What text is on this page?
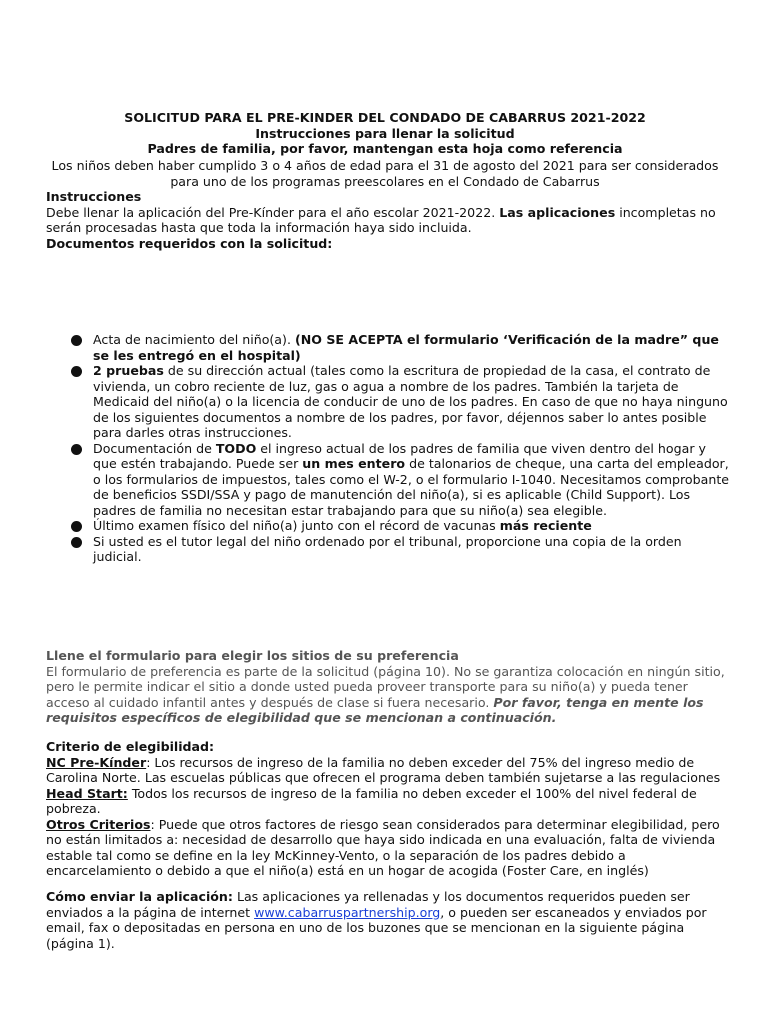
SOLICITUD PARA EL PRE-KINDER DEL CONDADO DE CABARRUS 2021-2022
Instrucciones para llenar la solicitud
Padres de familia, por favor, mantengan esta hoja como referencia
Los niños deben haber cumplido 3 o 4 años de edad para el 31 de agosto del 2021 para ser considerados para uno de los programas preescolares en el Condado de Cabarrus
Instrucciones
Debe llenar la aplicación del Pre-Kínder para el año escolar 2021-2022. Las aplicaciones incompletas no serán procesadas hasta que toda la información haya sido incluida.
Documentos requeridos con la solicitud:
Acta de nacimiento del niño(a). (NO SE ACEPTA el formulario ‘Verificación de la madre” que se les entregó en el hospital)
2 pruebas de su dirección actual (tales como la escritura de propiedad de la casa, el contrato de vivienda, un cobro reciente de luz, gas o agua a nombre de los padres. También la tarjeta de Medicaid del niño(a) o la licencia de conducir de uno de los padres. En caso de que no haya ninguno de los siguientes documentos a nombre de los padres, por favor, déjennos saber lo antes posible para darles otras instrucciones.
Documentación de TODO el ingreso actual de los padres de familia que viven dentro del hogar y que estén trabajando. Puede ser un mes entero de talonarios de cheque, una carta del empleador, o los formularios de impuestos, tales como el W-2, o el formulario I-1040. Necesitamos comprobante de beneficios SSDI/SSA y pago de manutención del niño(a), si es aplicable (Child Support). Los padres de familia no necesitan estar trabajando para que su niño(a) sea elegible.
Último examen físico del niño(a) junto con el récord de vacunas más reciente
Si usted es el tutor legal del niño ordenado por el tribunal, proporcione una copia de la orden judicial.
Llene el formulario para elegir los sitios de su preferencia
El formulario de preferencia es parte de la solicitud (página 10). No se garantiza colocación en ningún sitio, pero le permite indicar el sitio a donde usted pueda proveer transporte para su niño(a) y pueda tener acceso al cuidado infantil antes y después de clase si fuera necesario. Por favor, tenga en mente los requisitos específicos de elegibilidad que se mencionan a continuación.
Criterio de elegibilidad:
NC Pre-Kínder: Los recursos de ingreso de la familia no deben exceder del 75% del ingreso medio de Carolina Norte. Las escuelas públicas que ofrecen el programa deben también sujetarse a las regulaciones
Head Start: Todos los recursos de ingreso de la familia no deben exceder el 100% del nivel federal de pobreza.
Otros Criterios: Puede que otros factores de riesgo sean considerados para determinar elegibilidad, pero no están limitados a: necesidad de desarrollo que haya sido indicada en una evaluación, falta de vivienda estable tal como se define en la ley McKinney-Vento, o la separación de los padres debido a encarcelamiento o debido a que el niño(a) está en un hogar de acogida (Foster Care, en inglés)
Cómo enviar la aplicación: Las aplicaciones ya rellenadas y los documentos requeridos pueden ser enviados a la página de internet www.cabarruspartnership.org, o pueden ser escaneados y enviados por email, fax o depositadas en persona en uno de los buzones que se mencionan en la siguiente página (página 1).
